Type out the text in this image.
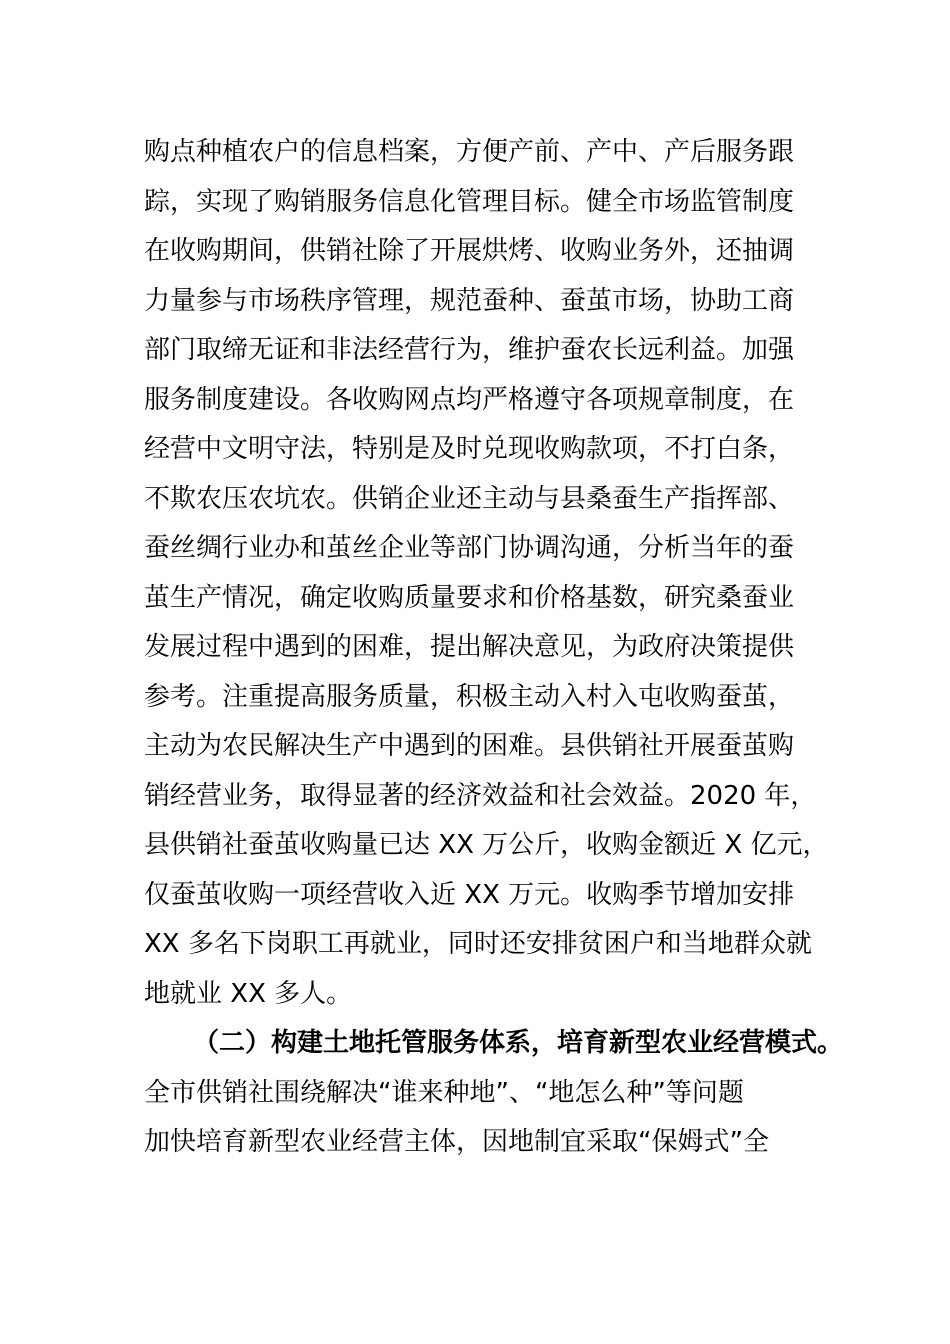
购点种植农户的信息档案，方便产前、产中、产后服务跟
踪，实现了购销服务信息化管理目标。健全市场监管制度
在收购期间，供销社除了开展烘烤、收购业务外，还抽调
力量参与市场秩序管理，规范蚕种、蚕茧市场，协助工商
部门取缔无证和非法经营行为，维护蚕农长远利益。加强
服务制度建设。各收购网点均严格遵守各项规章制度，在
经营中文明守法，特别是及时兑现收购款项，不打白条，
不欺农压农坑农。供销企业还主动与县桑蚕生产指挥部、
蚕丝绸行业办和茧丝企业等部门协调沟通，分析当年的蚕
茧生产情况，确定收购质量要求和价格基数，研究桑蚕业
发展过程中遇到的困难，提出解决意见，为政府决策提供
参考。注重提高服务质量，积极主动入村入屯收购蚕茧，
主动为农民解决生产中遇到的困难。县供销社开展蚕茧购
销经营业务，取得显著的经济效益和社会效益。2020 年，
县供销社蚕茧收购量已达 XX 万公斤，收购金额近 X 亿元，
仅蚕茧收购一项经营收入近 XX 万元。收购季节增加安排
XX 多名下岗职工再就业，同时还安排贫困户和当地群众就
地就业 XX 多人。
（二）构建土地托管服务体系，培育新型农业经营模式。
全市供销社围绕解决“谁来种地”、“地怎么种”等问题
加快培育新型农业经营主体，因地制宜采取“保姆式”全
